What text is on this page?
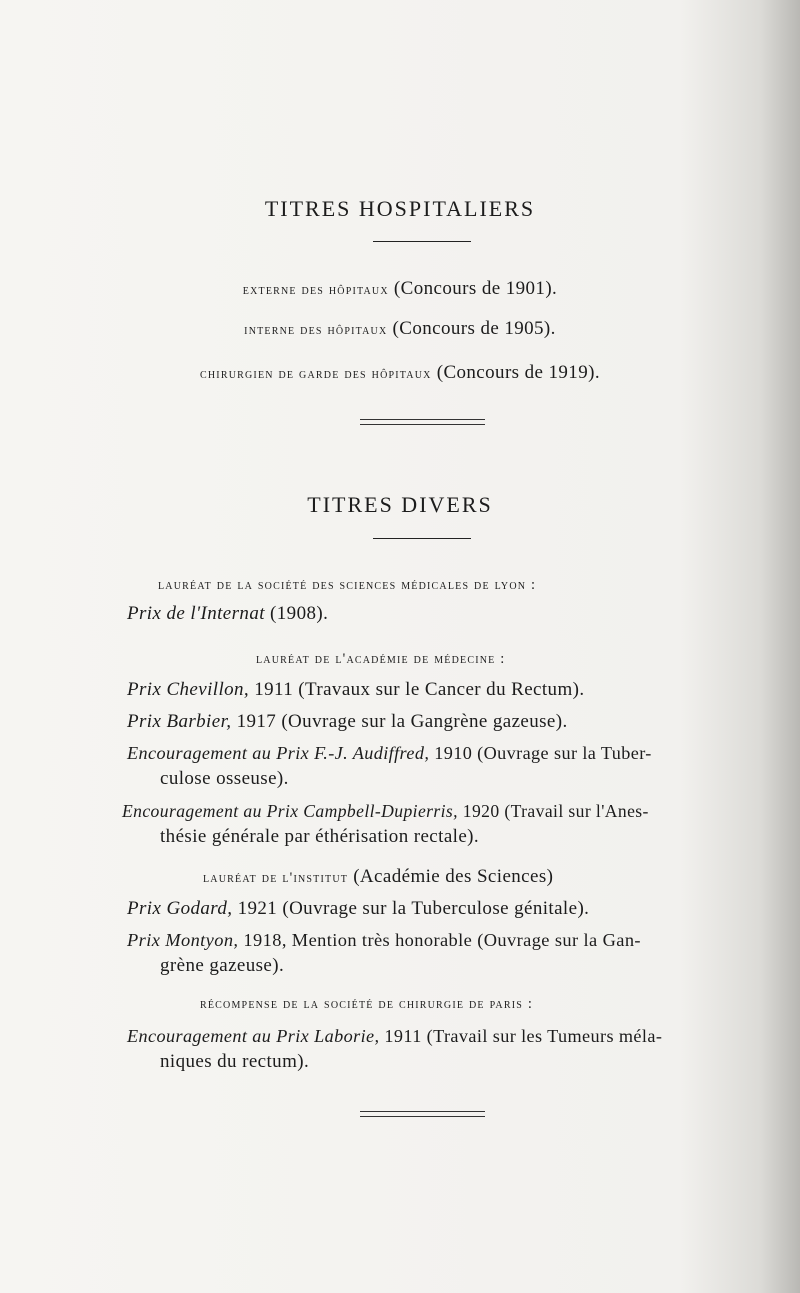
TITRES HOSPITALIERS
externe des hôpitaux (Concours de 1901).
interne des hôpitaux (Concours de 1905).
chirurgien de garde des hôpitaux (Concours de 1919).
TITRES DIVERS
lauréat de la société des sciences médicales de lyon :
Prix de l'Internat (1908).
lauréat de l'académie de médecine :
Prix Chevillon, 1911 (Travaux sur le Cancer du Rectum).
Prix Barbier, 1917 (Ouvrage sur la Gangrène gazeuse).
Encouragement au Prix F.-J. Audiffred, 1910 (Ouvrage sur la Tuber-
culose osseuse).
Encouragement au Prix Campbell-Dupierris, 1920 (Travail sur l'Anes-
thésie générale par éthérisation rectale).
lauréat de l'institut (Académie des Sciences)
Prix Godard, 1921 (Ouvrage sur la Tuberculose génitale).
Prix Montyon, 1918, Mention très honorable (Ouvrage sur la Gan-
grène gazeuse).
récompense de la société de chirurgie de paris :
Encouragement au Prix Laborie, 1911 (Travail sur les Tumeurs méla-
niques du rectum).
